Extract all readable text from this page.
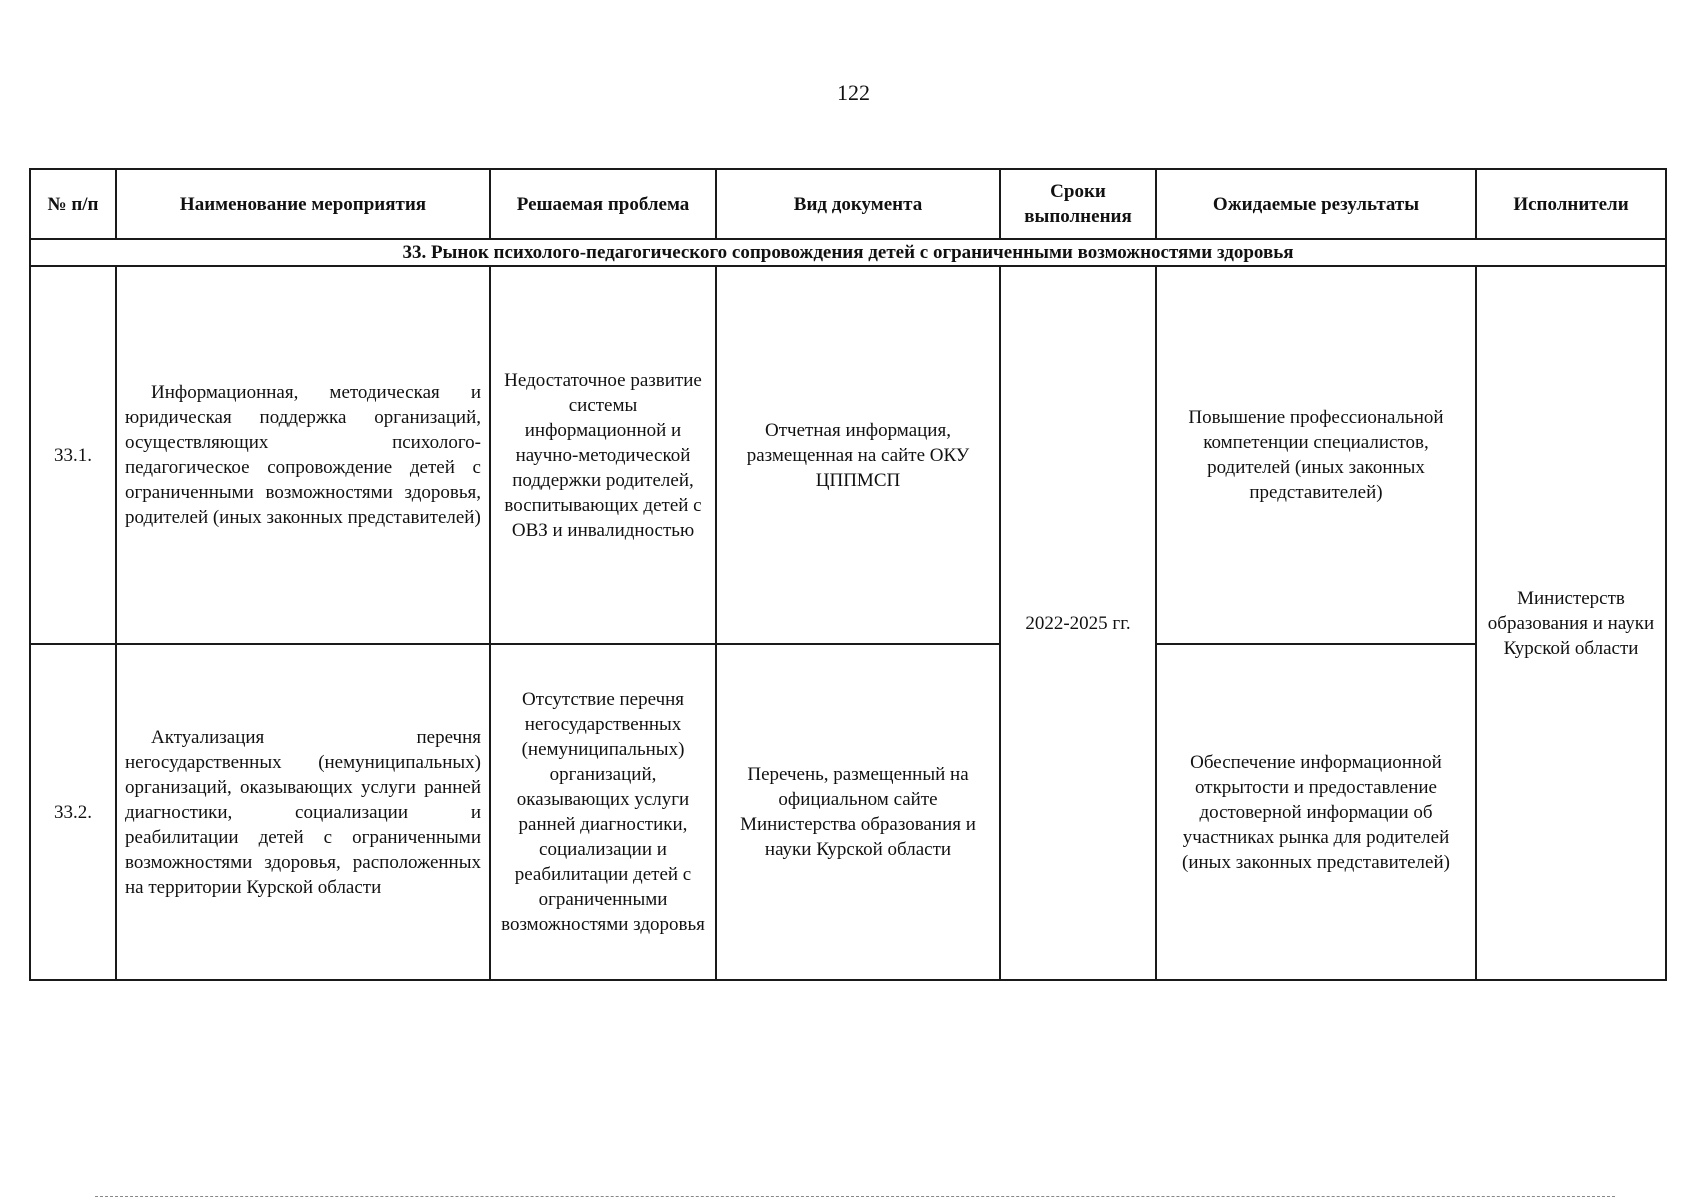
122
№ п/п	Наименование мероприятия	Решаемая проблема	Вид документа	Сроки выполнения	Ожидаемые результаты	Исполнители
33. Рынок психолого-педагогического сопровождения детей с ограниченными возможностями здоровья						
33.1.	Информационная, методическая и юридическая поддержка организаций, осуществляющих психолого-педагогическое сопровождение детей с ограниченными возможностями здоровья, родителей (иных законных представителей)	Недостаточное развитие системы информационной и научно-методической поддержки родителей, воспитывающих детей с ОВЗ и инвалидностью	Отчетная информация, размещенная на сайте ОКУ ЦППМСП	2022-2025 гг.	Повышение профессиональной компетенции специалистов, родителей (иных законных представителей)	Министерств образования и науки Курской области
33.2.	Актуализация перечня негосударственных (немуниципальных) организаций, оказывающих услуги ранней диагностики, социализации и реабилитации детей с ограниченными возможностями здоровья, расположенных на территории Курской области	Отсутствие перечня негосударственных (немуниципальных) организаций, оказывающих услуги ранней диагностики, социализации и реабилитации детей с ограниченными возможностями здоровья	Перечень, размещенный на официальном сайте Министерства образования и науки Курской области		Обеспечение информационной открытости и предоставление достоверной информации об участниках рынка для родителей (иных законных представителей)	
